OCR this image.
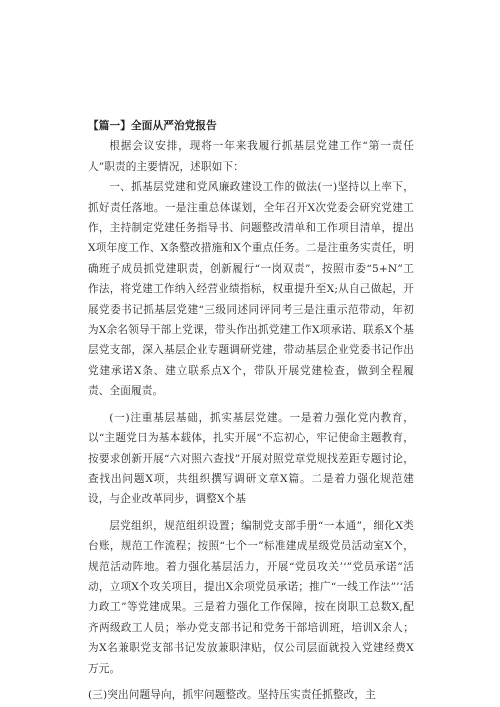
【篇一】全面从严治党报告

根据会议安排，现将一年来我履行抓基层党建工作“第一责任人”职责的主要情况，述职如下：

一、抓基层党建和党风廉政建设工作的做法(一)坚持以上率下，抓好责任落地。一是注重总体谋划，全年召开X次党委会研究党建工作，主持制定党建任务指导书、问题整改清单和工作项目清单，提出X项年度工作、X条整改措施和X个重点任务。二是注重务实责任，明确班子成员抓党建职责，创新履行“一岗双责”，按照市委“5+N”工作法，将党建工作纳入经营业绩指标，权重提升至X;从自己做起，开展党委书记抓基层党建“三级同述同评同考三是注重示范带动，年初为X余名领导干部上党课，带头作出抓党建工作X项承诺、联系X个基层党支部，深入基层企业专题调研党建，带动基层企业党委书记作出党建承诺X条、建立联系点X个，带队开展党建检查，做到全程履责、全面履责。

(一)注重基层基础，抓实基层党建。一是着力强化党内教育，以“主题党日为基本载体，扎实开展“不忘初心，牢记使命主题教育，按要求创新开展“六对照六查找”开展对照党章党规找差距专题讨论，查找出问题X项，共组织撰写调研文章X篇。二是着力强化规范建设，与企业改革同步，调整X个基

层党组织，规范组织设置；编制党支部手册“一本通”，细化X类台账，规范工作流程；按照“七个一”标准建成星级党员活动室X个，规范活动阵地。着力强化基层活力，开展“党员攻关’‘”党员承诺”活动，立项X个攻关项目，提出X余项党员承诺；推广“一线工作法”’‘活力政工”等党建成果。三是着力强化工作保障，按在岗职工总数X,配齐两级政工人员；举办党支部书记和党务干部培训班，培训X余人；为X名兼职党支部书记发放兼职津贴，仅公司层面就投入党建经费X万元。

(三)突出问题导向，抓牢问题整改。坚持压实责任抓整改，主
